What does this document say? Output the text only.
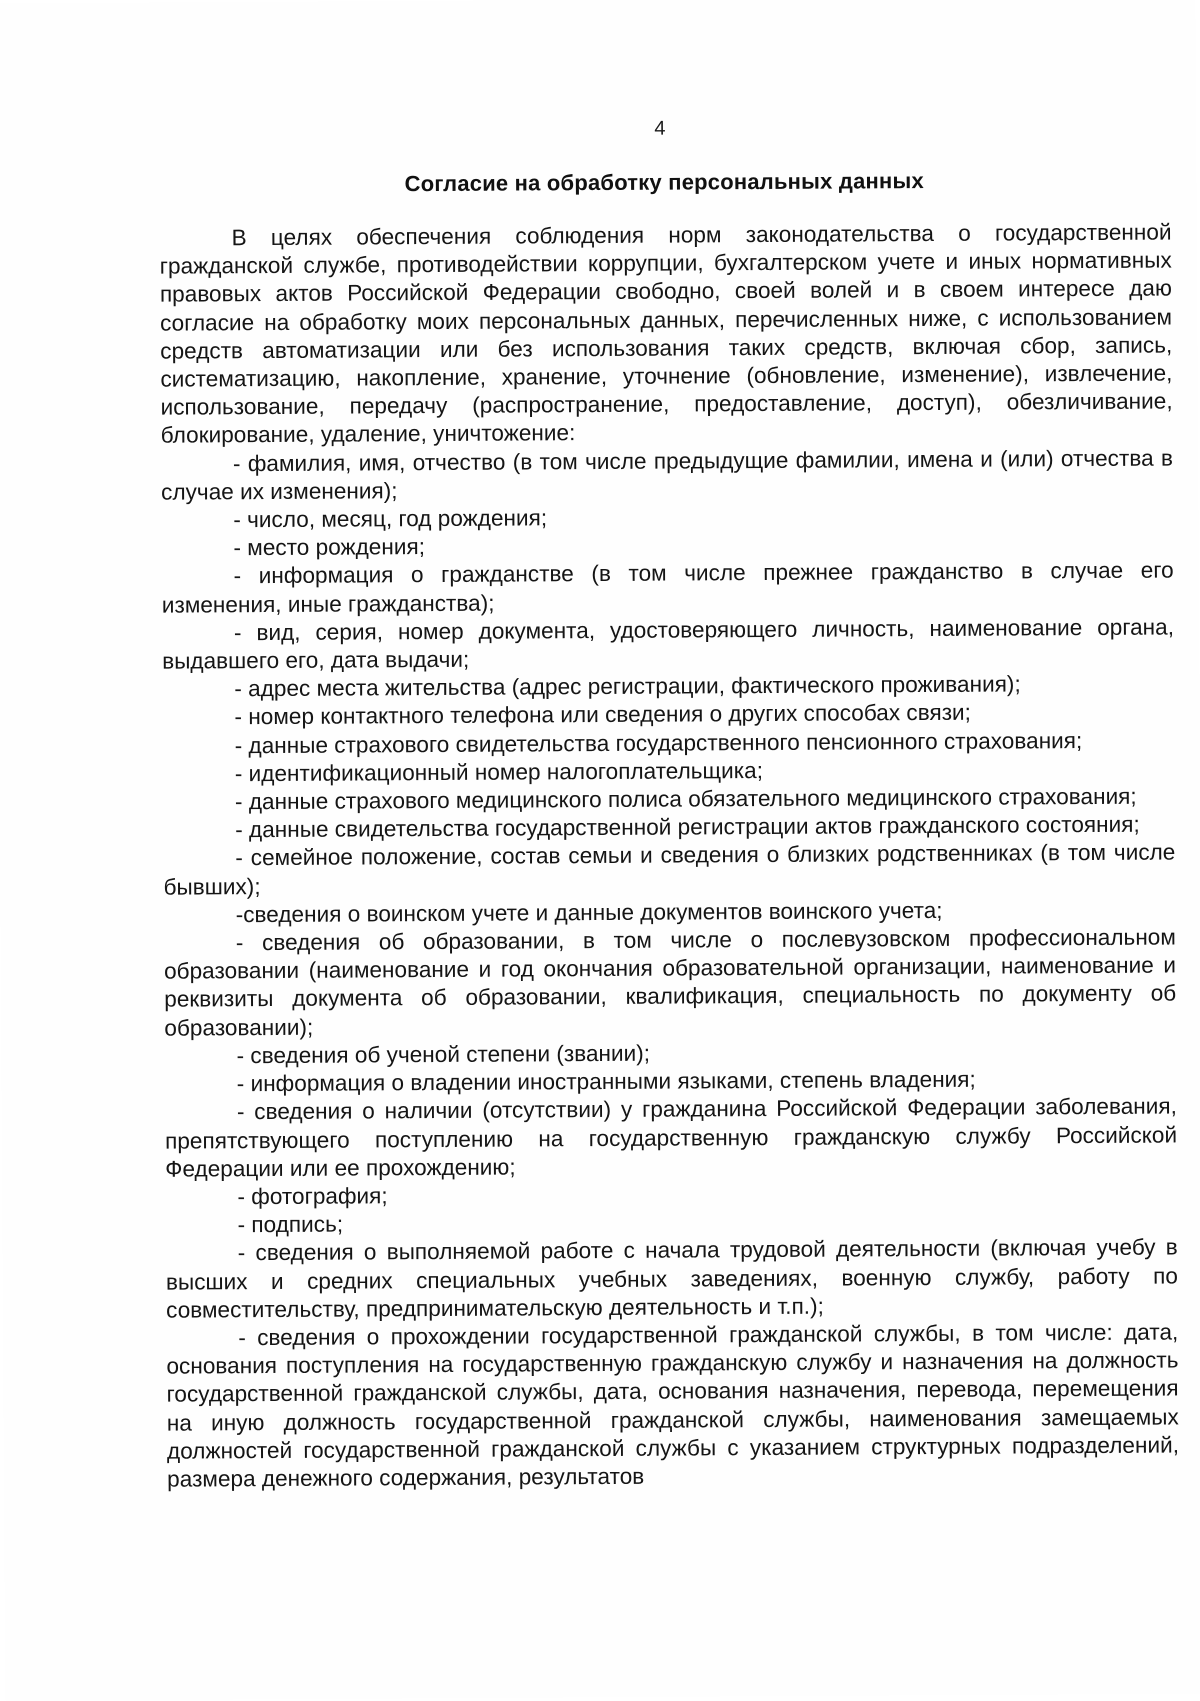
4
Согласие на обработку персональных данных

В целях обеспечения соблюдения норм законодательства о государственной гражданской службе, противодействии коррупции, бухгалтерском учете и иных нормативных правовых актов Российской Федерации свободно, своей волей и в своем интересе даю согласие на обработку моих персональных данных, перечисленных ниже, с использованием средств автоматизации или без использования таких средств, включая сбор, запись, систематизацию, накопление, хранение, уточнение (обновление, изменение), извлечение, использование, передачу (распространение, предоставление, доступ), обезличивание, блокирование, удаление, уничтожение:

- фамилия, имя, отчество (в том числе предыдущие фамилии, имена и (или) отчества в случае их изменения);

- число, месяц, год рождения;

- место рождения;

- информация о гражданстве (в том числе прежнее гражданство в случае его изменения, иные гражданства);

- вид, серия, номер документа, удостоверяющего личность, наименование органа, выдавшего его, дата выдачи;

- адрес места жительства (адрес регистрации, фактического проживания);

- номер контактного телефона или сведения о других способах связи;

- данные страхового свидетельства государственного пенсионного страхования;

- идентификационный номер налогоплательщика;

- данные страхового медицинского полиса обязательного медицинского страхования;

- данные свидетельства государственной регистрации актов гражданского состояния;

- семейное положение, состав семьи и сведения о близких родственниках (в том числе бывших);

-сведения о воинском учете и данные документов воинского учета;

- сведения об образовании, в том числе о послевузовском профессиональном образовании (наименование и год окончания образовательной организации, наименование и реквизиты документа об образовании, квалификация, специальность по документу об образовании);

- сведения об ученой степени (звании);

- информация о владении иностранными языками, степень владения;

- сведения о наличии (отсутствии) у гражданина Российской Федерации заболевания, препятствующего поступлению на государственную гражданскую службу Российской Федерации или ее прохождению;

- фотография;

- подпись;

- сведения о выполняемой работе с начала трудовой деятельности (включая учебу в высших и средних специальных учебных заведениях, военную службу, работу по совместительству, предпринимательскую деятельность и т.п.);

- сведения о прохождении государственной гражданской службы, в том числе: дата, основания поступления на государственную гражданскую службу и назначения на должность государственной гражданской службы, дата, основания назначения, перевода, перемещения на иную должность государственной гражданской службы, наименования замещаемых должностей государственной гражданской службы с указанием структурных подразделений, размера денежного содержания, результатов
